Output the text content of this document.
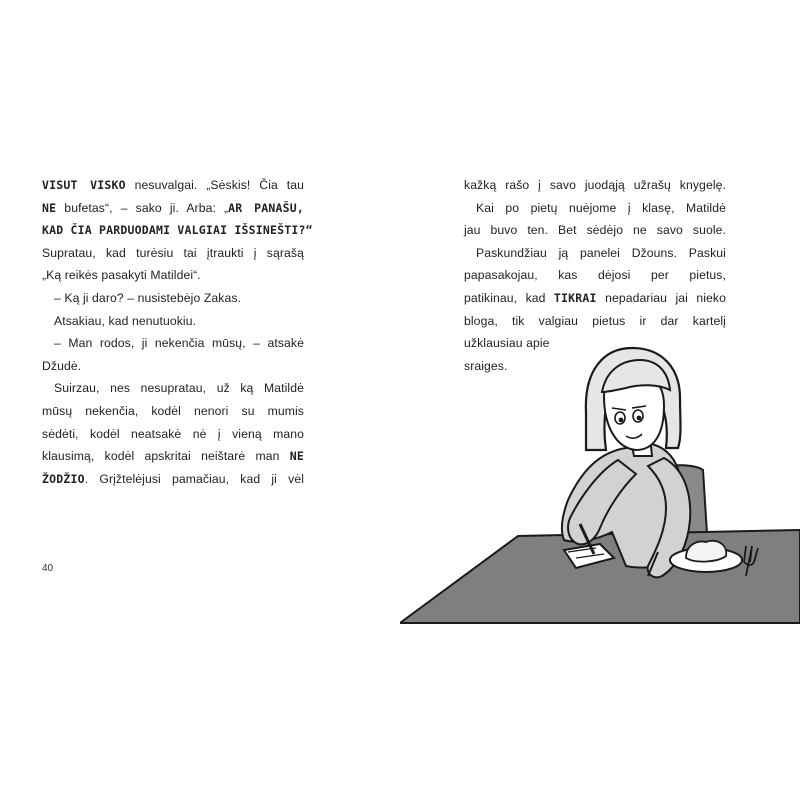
VISUT VISKO nesuvalgai. „Sėskis! Čia tau
NE bufetas“, – sako ji. Arba: „AR PANAŠU,
KAD ČIA PARDUODAMI VALGIAI IŠSINEŠTI?“
Supratau, kad turėsiu tai įtraukti į sąrašą
„Ką reikės pasakyti Matildei“.
– Ką ji daro? – nusistebėjo Zakas.
Atsakiau, kad nenutuokiu.
– Man rodos, ji nekenčia mūsų, – atsakė
Džudė.
Suirzau, nes nesupratau, už ką Matildė
mūsų nekenčia, kodėl nenori su mumis
sėdėti, kodėl neatsakė nė į vieną mano
klausimą, kodėl apskritai neištarė man NE
ŽODŽIO. Grįžtelėjusi pamačiau, kad ji vėl
40
kažką rašo į savo juodąją užrašų knygelę.
Kai po pietų nuėjome į klasę, Matildė
jau buvo ten. Bet sėdėjo ne savo suole.
Paskundžiau ją panelei Džouns. Paskui
papasakojau, kas dėjosi per pietus,
patikinau, kad TIKRAI nepadariau jai nieko
bloga, tik valgiau pietus ir dar kartelį
užklausiau apie
sraiges.
